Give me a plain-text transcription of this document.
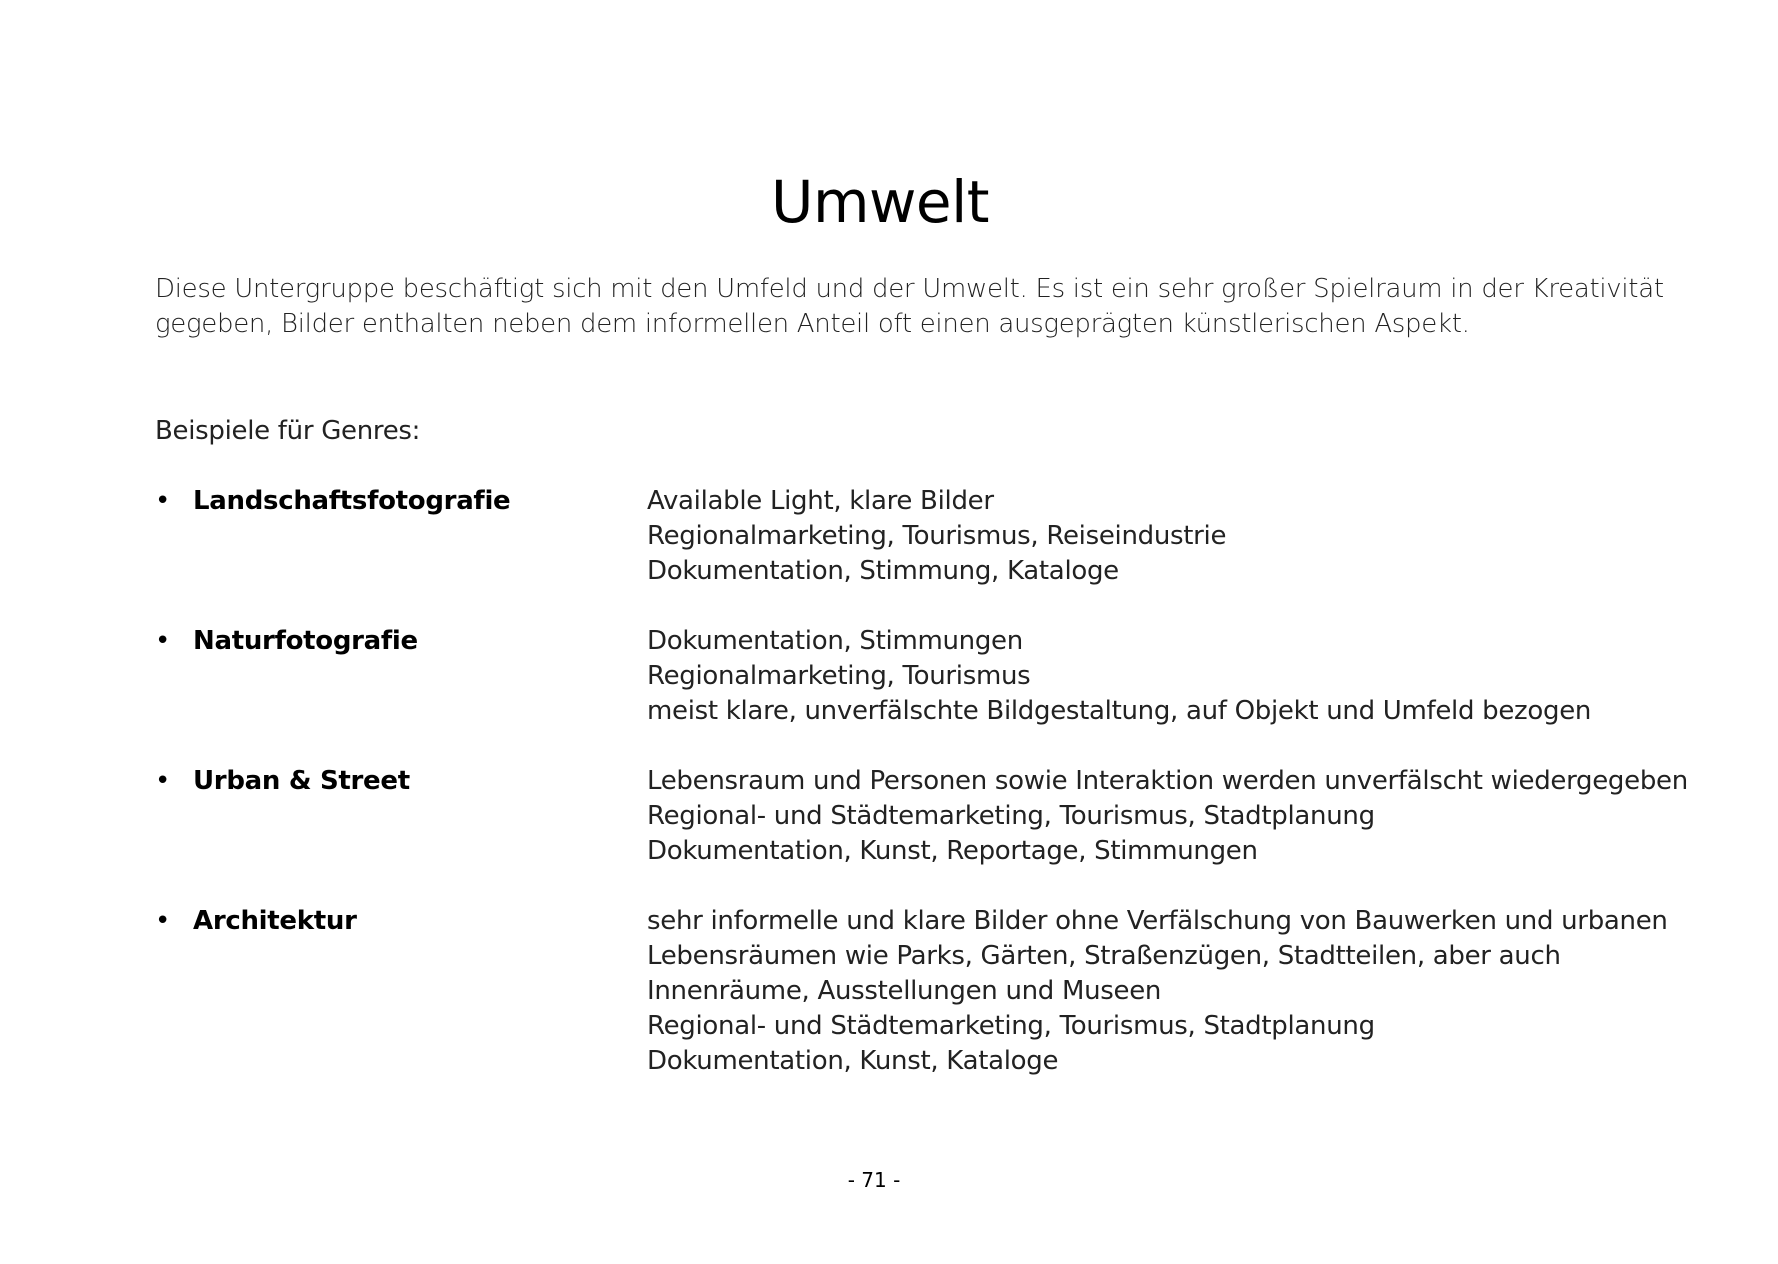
Umwelt

Diese Untergruppe beschäftigt sich mit den Umfeld und der Umwelt. Es ist ein sehr großer Spielraum in der Kreativität
gegeben, Bilder enthalten neben dem informellen Anteil oft einen ausgeprägten künstlerischen Aspekt.

Beispiele für Genres:

• Landschaftsfotografie	Available Light, klare Bilder
Regionalmarketing, Tourismus, Reiseindustrie
Dokumentation, Stimmung, Kataloge
• Naturfotografie	Dokumentation, Stimmungen
Regionalmarketing, Tourismus
meist klare, unverfälschte Bildgestaltung, auf Objekt und Umfeld bezogen
• Urban & Street	Lebensraum und Personen sowie Interaktion werden unverfälscht wiedergegeben
Regional- und Städtemarketing, Tourismus, Stadtplanung
Dokumentation, Kunst, Reportage, Stimmungen
• Architektur	sehr informelle und klare Bilder ohne Verfälschung von Bauwerken und urbanen
Lebensräumen wie Parks, Gärten, Straßenzügen, Stadtteilen, aber auch
Innenräume, Ausstellungen und Museen
Regional- und Städtemarketing, Tourismus, Stadtplanung
Dokumentation, Kunst, Kataloge
- 71 -
